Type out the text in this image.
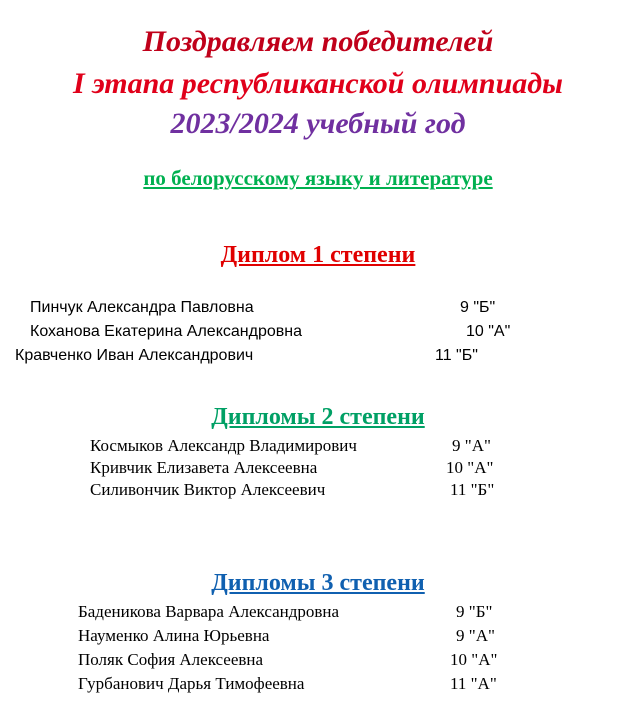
Поздравляем победителей
I этапа республиканской олимпиады
2023/2024 учебный год
по белорусскому языку и литературе
Диплом 1 степени
Пинчук Александра Павловна	9 "Б"
Коханова Екатерина Александровна	10 "А"
Кравченко Иван Александрович	11 "Б"
Дипломы 2 степени
Космыков Александр Владимирович	9 "А"
Кривчик Елизавета Алексеевна	10 "А"
Силивончик Виктор Алексеевич	11 "Б"
Дипломы 3 степени
Баденикова Варвара Александровна	9 "Б"
Науменко Алина Юрьевна	9 "А"
Поляк София Алексеевна	10 "А"
Гурбанович Дарья Тимофеевна	11 "А"
